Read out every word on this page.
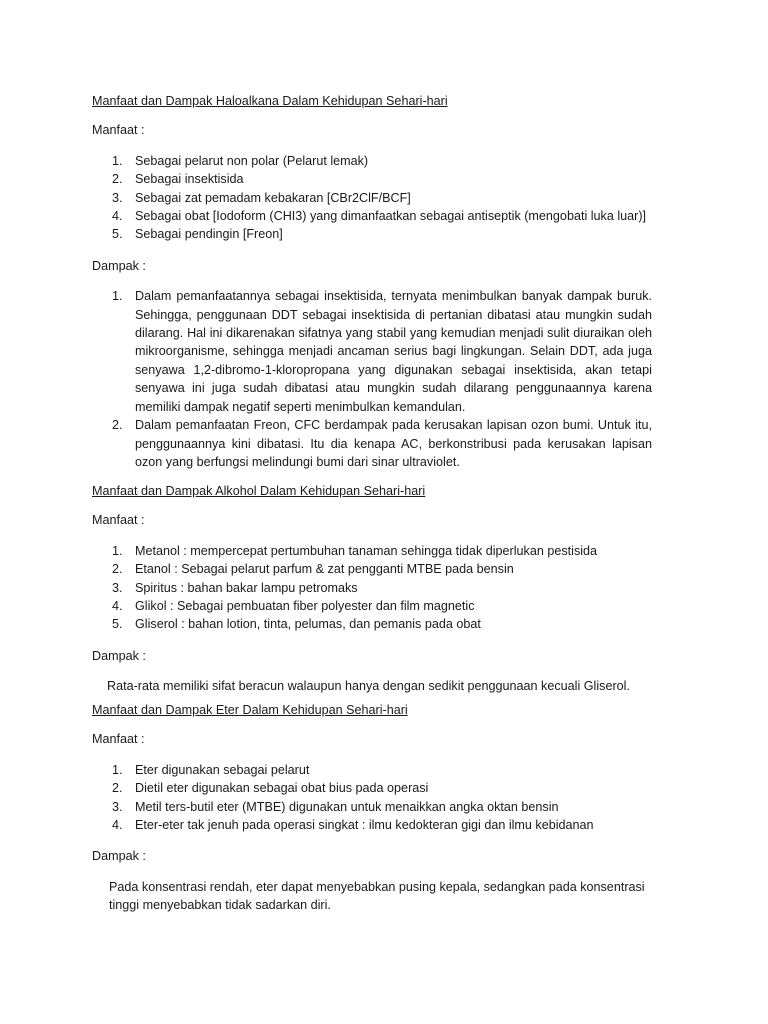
Manfaat dan Dampak Haloalkana Dalam Kehidupan Sehari-hari

Manfaat :

1. Sebagai pelarut non polar (Pelarut lemak)
2. Sebagai insektisida
3. Sebagai zat pemadam kebakaran [CBr2ClF/BCF]
4. Sebagai obat [Iodoform (CHI3) yang dimanfaatkan sebagai antiseptik (mengobati luka luar)]
5. Sebagai pendingin [Freon]

Dampak :

1. Dalam pemanfaatannya sebagai insektisida, ternyata menimbulkan banyak dampak buruk. Sehingga, penggunaan DDT sebagai insektisida di pertanian dibatasi atau mungkin sudah dilarang. Hal ini dikarenakan sifatnya yang stabil yang kemudian menjadi sulit diuraikan oleh mikroorganisme, sehingga menjadi ancaman serius bagi lingkungan. Selain DDT, ada juga senyawa 1,2-dibromo-1-kloropropana yang digunakan sebagai insektisida, akan tetapi senyawa ini juga sudah dibatasi atau mungkin sudah dilarang penggunaannya karena memiliki dampak negatif seperti menimbulkan kemandulan.
2. Dalam pemanfaatan Freon, CFC berdampak pada kerusakan lapisan ozon bumi. Untuk itu, penggunaannya kini dibatasi. Itu dia kenapa AC, berkonstribusi pada kerusakan lapisan ozon yang berfungsi melindungi bumi dari sinar ultraviolet.

Manfaat dan Dampak Alkohol Dalam Kehidupan Sehari-hari

Manfaat :

1. Metanol : mempercepat pertumbuhan tanaman sehingga tidak diperlukan pestisida
2. Etanol : Sebagai pelarut parfum & zat pengganti MTBE pada bensin
3. Spiritus : bahan bakar lampu petromaks
4. Glikol : Sebagai pembuatan fiber polyester dan film magnetic
5. Gliserol : bahan lotion, tinta, pelumas, dan pemanis pada obat

Dampak :

Rata-rata memiliki sifat beracun walaupun hanya dengan sedikit penggunaan kecuali Gliserol.

Manfaat dan Dampak Eter Dalam Kehidupan Sehari-hari

Manfaat :

1. Eter digunakan sebagai pelarut
2. Dietil eter digunakan sebagai obat bius pada operasi
3. Metil ters-butil eter (MTBE) digunakan untuk menaikkan angka oktan bensin
4. Eter-eter tak jenuh pada operasi singkat : ilmu kedokteran gigi dan ilmu kebidanan

Dampak :

Pada konsentrasi rendah, eter dapat menyebabkan pusing kepala, sedangkan pada konsentrasi tinggi menyebabkan tidak sadarkan diri.
